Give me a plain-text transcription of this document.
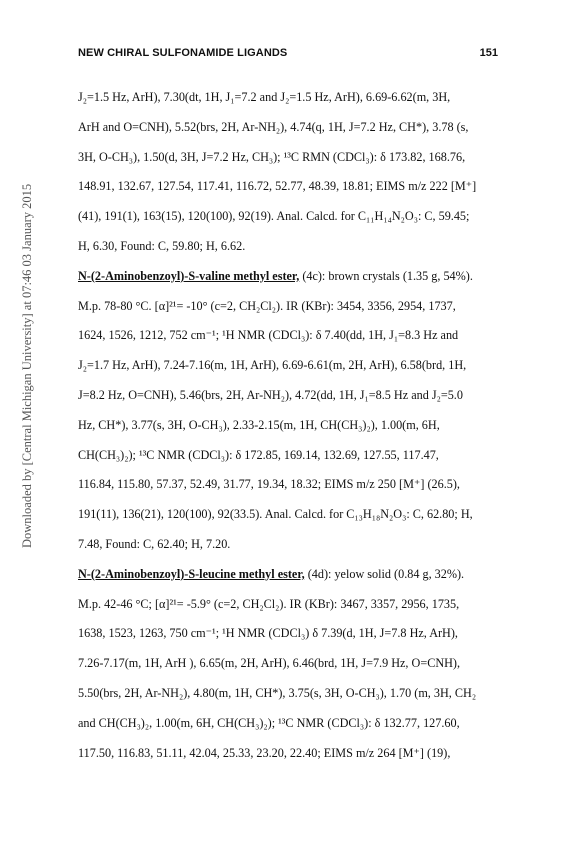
NEW CHIRAL SULFONAMIDE LIGANDS	151
Downloaded by [Central Michigan University] at 07:46 03 January 2015
J₂=1.5 Hz, ArH), 7.30(dt, 1H, J₁=7.2 and J₂=1.5 Hz, ArH), 6.69-6.62(m, 3H,
ArH and O=CNH), 5.52(brs, 2H, Ar-NH₂), 4.74(q, 1H, J=7.2 Hz, CH*), 3.78 (s,
3H, O-CH₃), 1.50(d, 3H, J=7.2 Hz, CH₃); ¹³C RMN (CDCl₃): δ 173.82, 168.76,
148.91, 132.67, 127.54, 117.41, 116.72, 52.77, 48.39, 18.81; EIMS m/z 222 [M⁺]
(41), 191(1), 163(15), 120(100), 92(19). Anal. Calcd. for C₁₁H₁₄N₂O₃: C, 59.45;
H, 6.30, Found: C, 59.80; H, 6.62.
N-(2-Aminobenzoyl)-S-valine methyl ester, (4c): brown crystals (1.35 g, 54%).
M.p. 78-80 °C. [α]²¹= -10° (c=2, CH₂Cl₂). IR (KBr): 3454, 3356, 2954, 1737,
1624, 1526, 1212, 752 cm⁻¹; ¹H NMR (CDCl₃): δ 7.40(dd, 1H, J₁=8.3 Hz and
J₂=1.7 Hz, ArH), 7.24-7.16(m, 1H, ArH), 6.69-6.61(m, 2H, ArH), 6.58(brd, 1H,
J=8.2 Hz, O=CNH), 5.46(brs, 2H, Ar-NH₂), 4.72(dd, 1H, J₁=8.5 Hz and J₂=5.0
Hz, CH*), 3.77(s, 3H, O-CH₃), 2.33-2.15(m, 1H, CH(CH₃)₂), 1.00(m, 6H,
CH(CH₃)₂); ¹³C NMR (CDCl₃): δ 172.85, 169.14, 132.69, 127.55, 117.47,
116.84, 115.80, 57.37, 52.49, 31.77, 19.34, 18.32; EIMS m/z 250 [M⁺] (26.5),
191(11), 136(21), 120(100), 92(33.5). Anal. Calcd. for C₁₃H₁₈N₂O₃: C, 62.80; H,
7.48, Found: C, 62.40; H, 7.20.
N-(2-Aminobenzoyl)-S-leucine methyl ester, (4d): yelow solid (0.84 g, 32%).
M.p. 42-46 °C; [α]²¹= -5.9° (c=2, CH₂Cl₂). IR (KBr): 3467, 3357, 2956, 1735,
1638, 1523, 1263, 750 cm⁻¹; ¹H NMR (CDCl₃) δ 7.39(d, 1H, J=7.8 Hz, ArH),
7.26-7.17(m, 1H, ArH ), 6.65(m, 2H, ArH), 6.46(brd, 1H, J=7.9 Hz, O=CNH),
5.50(brs, 2H, Ar-NH₂), 4.80(m, 1H, CH*), 3.75(s, 3H, O-CH₃), 1.70 (m, 3H, CH₂
and CH(CH₃)₂, 1.00(m, 6H, CH(CH₃)₂); ¹³C NMR (CDCl₃): δ 132.77, 127.60,
117.50, 116.83, 51.11, 42.04, 25.33, 23.20, 22.40; EIMS m/z 264 [M⁺] (19),
